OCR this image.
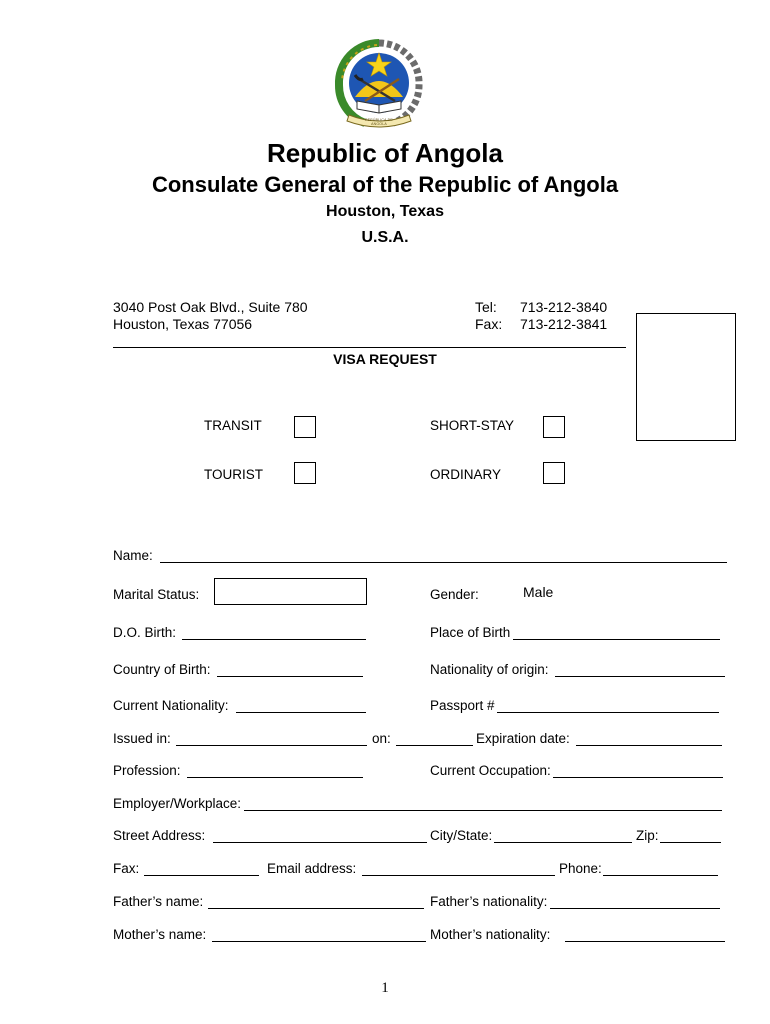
REPÚBLICA DE ANGOLA
Republic of Angola
Consulate General of the Republic of Angola
Houston, Texas
U.S.A.
3040 Post Oak Blvd., Suite 780
Houston, Texas 77056
Tel: 713-212-3840
Fax: 713-212-3841
VISA REQUEST
TRANSIT	SHORT-STAY
TOURIST	ORDINARY
Name:
Marital Status:	Gender:	Male
D.O. Birth:	Place of Birth
Country of Birth:	Nationality of origin:
Current Nationality:	Passport #
Issued in:	on:	Expiration date:
Profession:	Current Occupation:
Employer/Workplace:
Street Address:	City/State:	Zip:
Fax:	Email address:	Phone:
Father’s name:	Father’s nationality:
Mother’s name:	Mother’s nationality:
1
